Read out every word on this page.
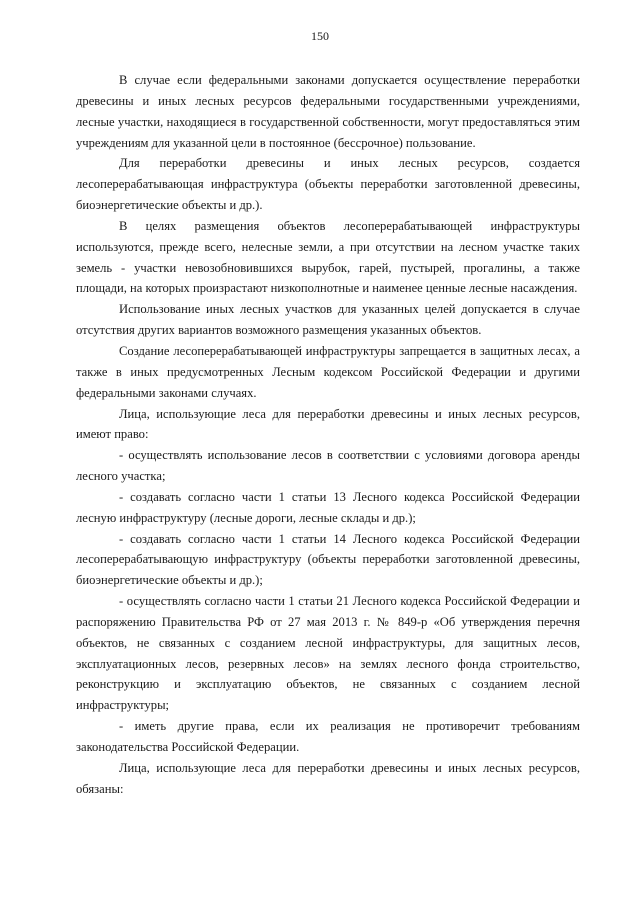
150

В случае если федеральными законами допускается осуществление переработки древесины и иных лесных ресурсов федеральными государственными учреждениями, лесные участки, находящиеся в государственной собственности, могут предоставляться этим учреждениям для указанной цели в постоянное (бессрочное) пользование.

Для переработки древесины и иных лесных ресурсов, создается лесоперерабатывающая инфраструктура (объекты переработки заготовленной древесины, биоэнергетические объекты и др.).

В целях размещения объектов лесоперерабатывающей инфраструктуры используются, прежде всего, нелесные земли, а при отсутствии на лесном участке таких земель - участки невозобновившихся вырубок, гарей, пустырей, прогалины, а также площади, на которых произрастают низкополнотные и наименее ценные лесные насаждения.

Использование иных лесных участков для указанных целей допускается в случае отсутствия других вариантов возможного размещения указанных объектов.

Создание лесоперерабатывающей инфраструктуры запрещается в защитных лесах, а также в иных предусмотренных Лесным кодексом Российской Федерации и другими федеральными законами случаях.

Лица, использующие леса для переработки древесины и иных лесных ресурсов, имеют право:

- осуществлять использование лесов в соответствии с условиями договора аренды лесного участка;

- создавать согласно части 1 статьи 13 Лесного кодекса Российской Федерации лесную инфраструктуру (лесные дороги, лесные склады и др.);

- создавать согласно части 1 статьи 14 Лесного кодекса Российской Федерации лесоперерабатывающую инфраструктуру (объекты переработки заготовленной древесины, биоэнергетические объекты и др.);

- осуществлять согласно части 1 статьи 21 Лесного кодекса Российской Федерации и распоряжению Правительства РФ от 27 мая 2013 г. № 849-р «Об утверждения перечня объектов, не связанных с созданием лесной инфраструктуры, для защитных лесов, эксплуатационных лесов, резервных лесов» на землях лесного фонда строительство, реконструкцию и эксплуатацию объектов, не связанных с созданием лесной инфраструктуры;

- иметь другие права, если их реализация не противоречит требованиям законодательства Российской Федерации.

Лица, использующие леса для переработки древесины и иных лесных ресурсов, обязаны:
